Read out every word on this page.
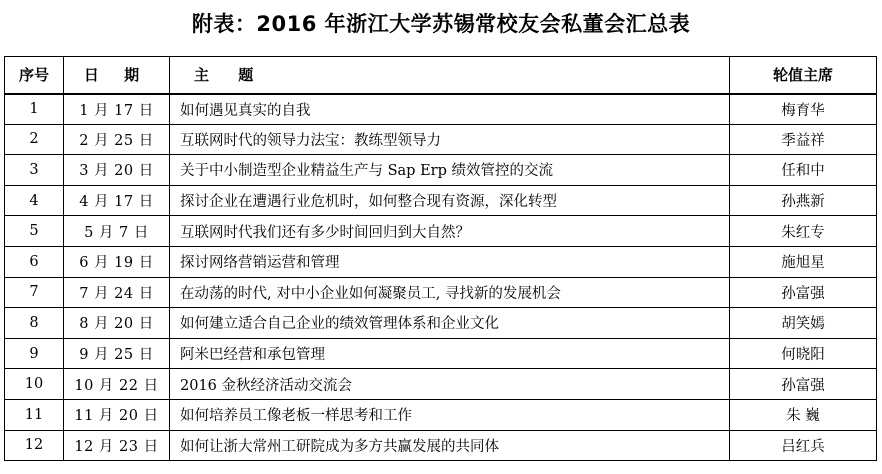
附表：2016 年浙江大学苏锡常校友会私董会汇总表
序号	日 期	主 题	轮值主席
1	1 月 17 日	如何遇见真实的自我	梅育华
2	2 月 25 日	互联网时代的领导力法宝：教练型领导力	季益祥
3	3 月 20 日	关于中小制造型企业精益生产与 Sap Erp 绩效管控的交流	任和中
4	4 月 17 日	探讨企业在遭遇行业危机时，如何整合现有资源，深化转型	孙燕新
5	5 月 7 日	互联网时代我们还有多少时间回归到大自然？	朱红专
6	6 月 19 日	探讨网络营销运营和管理	施旭星
7	7 月 24 日	在动荡的时代, 对中小企业如何凝聚员工, 寻找新的发展机会	孙富强
8	8 月 20 日	如何建立适合自己企业的绩效管理体系和企业文化	胡笑嫣
9	9 月 25 日	阿米巴经营和承包管理	何晓阳
10	10 月 22 日	2016 金秋经济活动交流会	孙富强
11	11 月 20 日	如何培养员工像老板一样思考和工作	朱 巍
12	12 月 23 日	如何让浙大常州工研院成为多方共赢发展的共同体	吕红兵
